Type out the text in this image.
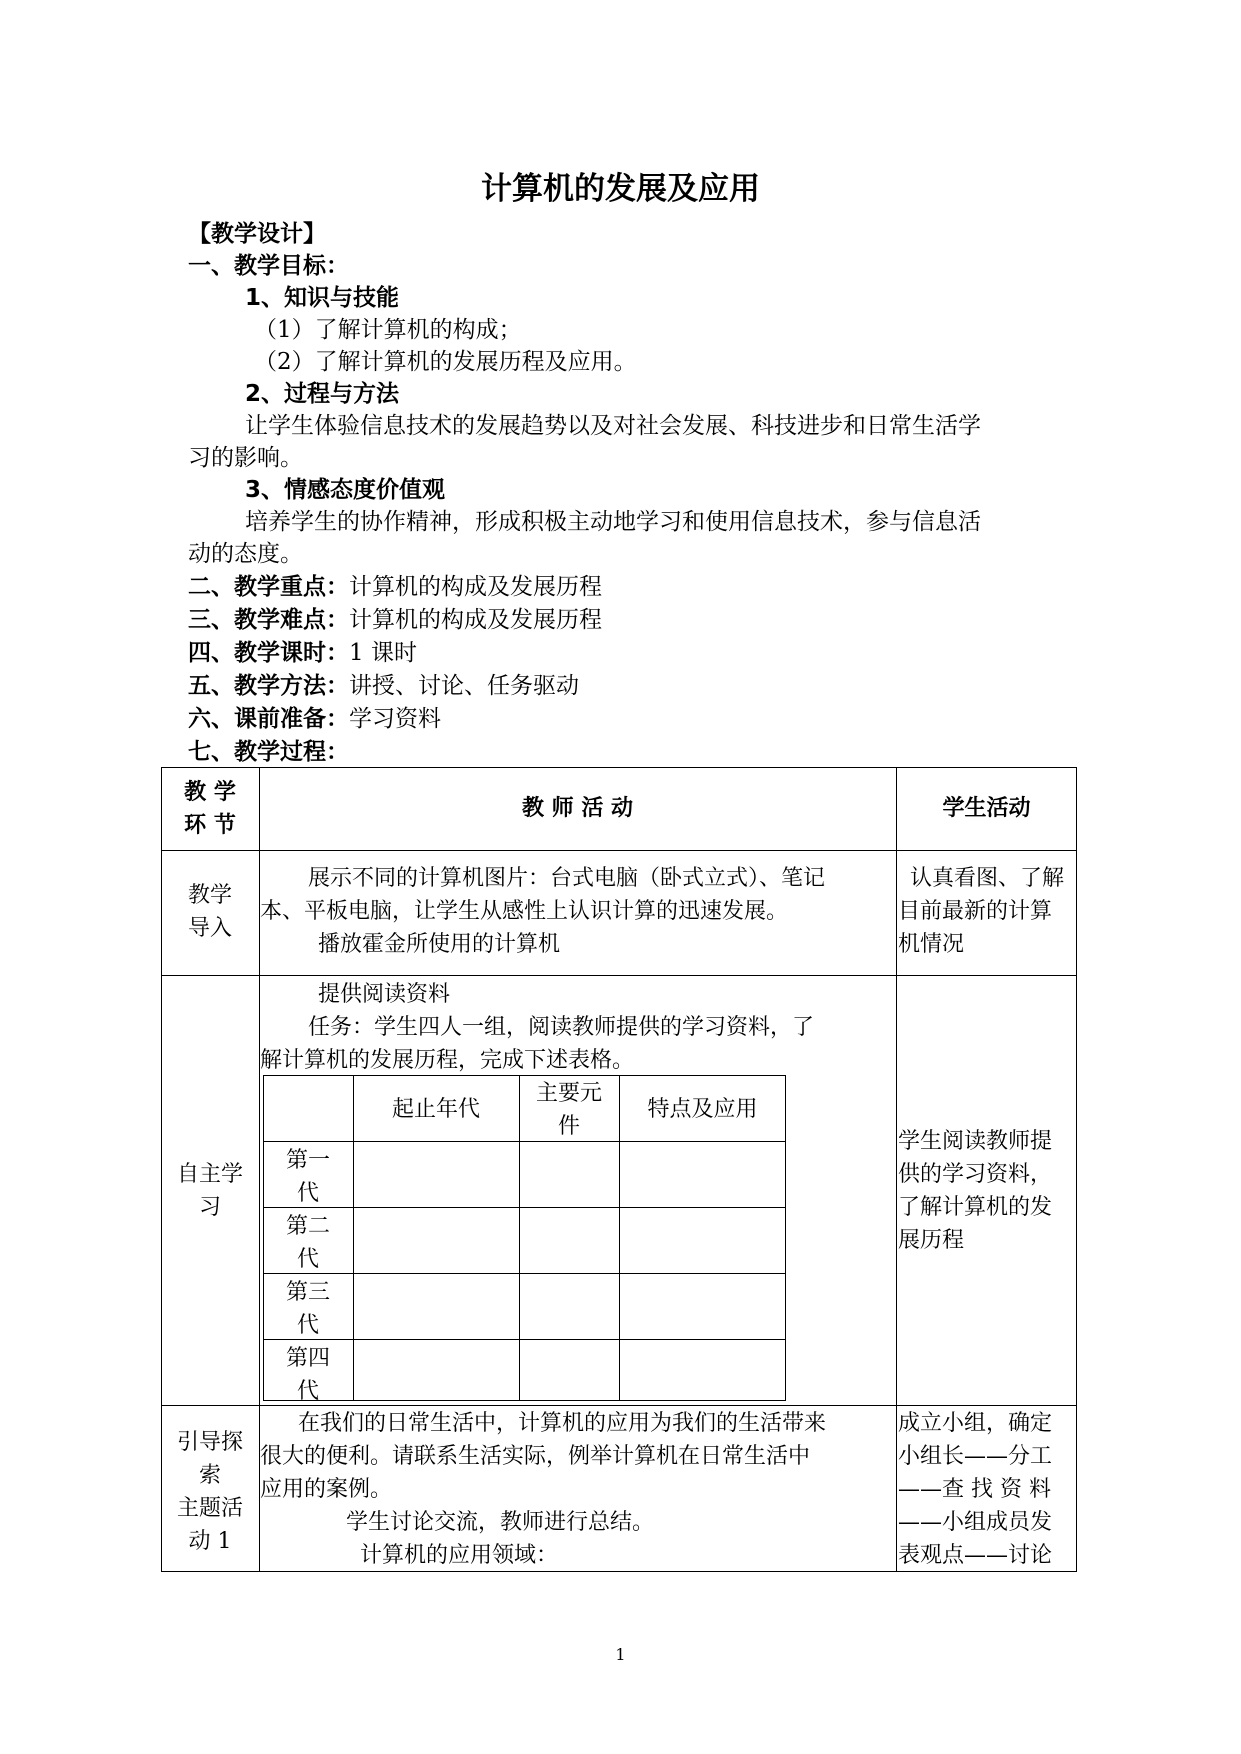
计算机的发展及应用
【教学设计】
一、教学目标：
1、知识与技能
（1）了解计算机的构成；
（2）了解计算机的发展历程及应用。
2、过程与方法
让学生体验信息技术的发展趋势以及对社会发展、科技进步和日常生活学
习的影响。
3、情感态度价值观
培养学生的协作精神，形成积极主动地学习和使用信息技术，参与信息活
动的态度。
二、教学重点：计算机的构成及发展历程
三、教学难点：计算机的构成及发展历程
四、教学课时：1 课时
五、教学方法：讲授、讨论、任务驱动
六、课前准备：学习资料
七、教学过程：
教 学
环 节
教 师 活 动	学生活动
教学
导入
展示不同的计算机图片：台式电脑（卧式立式）、笔记
本、平板电脑，让学生从感性上认识计算的迅速发展。
播放霍金所使用的计算机
认真看图、了解
目前最新的计算
机情况
自主学
习
提供阅读资料
任务：学生四人一组，阅读教师提供的学习资料，了
解计算机的发展历程，完成下述表格。
学生阅读教师提
供的学习资料，
了解计算机的发
展历程
起止年代
主要元
件
特点及应用
第一
代
第二
代
第三
代
第四
代
引导探
索
主题活
动 1
在我们的日常生活中，计算机的应用为我们的生活带来
很大的便利。请联系生活实际，例举计算机在日常生活中
应用的案例。
学生讨论交流，教师进行总结。
计算机的应用领域：
成立小组，确定
小组长——分工
——查 找 资 料
——小组成员发
表观点——讨论
1
